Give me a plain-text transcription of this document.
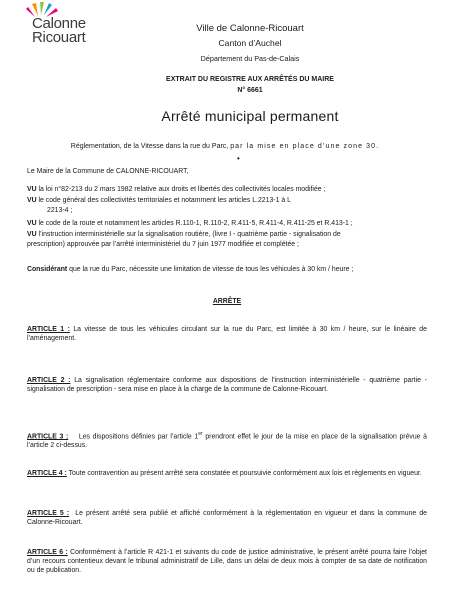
Calonne
Ricouart
Ville de Calonne-Ricouart
Canton d’Auchel
Département du Pas-de-Calais
EXTRAIT DU REGISTRE AUX ARRÊTÉS DU MAIRE
N° 6661
Arrêté municipal permanent
Réglementation, de la Vitesse dans la rue du Parc, par la mise en place d’une zone 30.
•
Le Maire de la Commune de CALONNE-RICOUART,
VU la loi n°82-213 du 2 mars 1982 relative aux droits et libertés des collectivités locales modifiée ;
VU le code général des collectivités territoriales et notamment les articles L.2213-1 à L
2213-4 ;
VU le code de la route et notamment les articles R.110-1, R.110-2, R.411-5, R.411-4, R.411-25 et R.413-1 ;
VU l’instruction interministérielle sur la signalisation routière, (livre I - quatrième partie - signalisation de
prescription) approuvée par l’arrêté interministériel du 7 juin 1977 modifiée et complétée ;
Considérant que la rue du Parc, nécessite une limitation de vitesse de tous les véhicules à 30 km / heure ;
ARRÊTE
ARTICLE 1 : La vitesse de tous les véhicules circulant sur la rue du Parc, est limitée à 30 km / heure, sur le linéaire de l’aménagement.
ARTICLE 2 : La signalisation réglementaire conforme aux dispositions de l’instruction interministérielle - quatrième partie - signalisation de prescription - sera mise en place à la charge de la commune de Calonne-Ricouart.
ARTICLE 3 :    Les dispositions définies par l’article 1er prendront effet le jour de la mise en place de la signalisation prévue à l’article 2 ci-dessus.
ARTICLE 4 : Toute contravention au présent arrêté sera constatée et poursuivie conformément aux lois et règlements en vigueur.
ARTICLE 5 :  Le présent arrêté sera publié et affiché conformément à la réglementation en vigueur et dans la commune de Calonne-Ricouart.
ARTICLE 6 : Conformément à l’article R 421-1 et suivants du code de justice administrative, le présent arrêté pourra faire l’objet d’un recours contentieux devant le tribunal administratif de Lille, dans un délai de deux mois à compter de sa date de notification ou de publication.
